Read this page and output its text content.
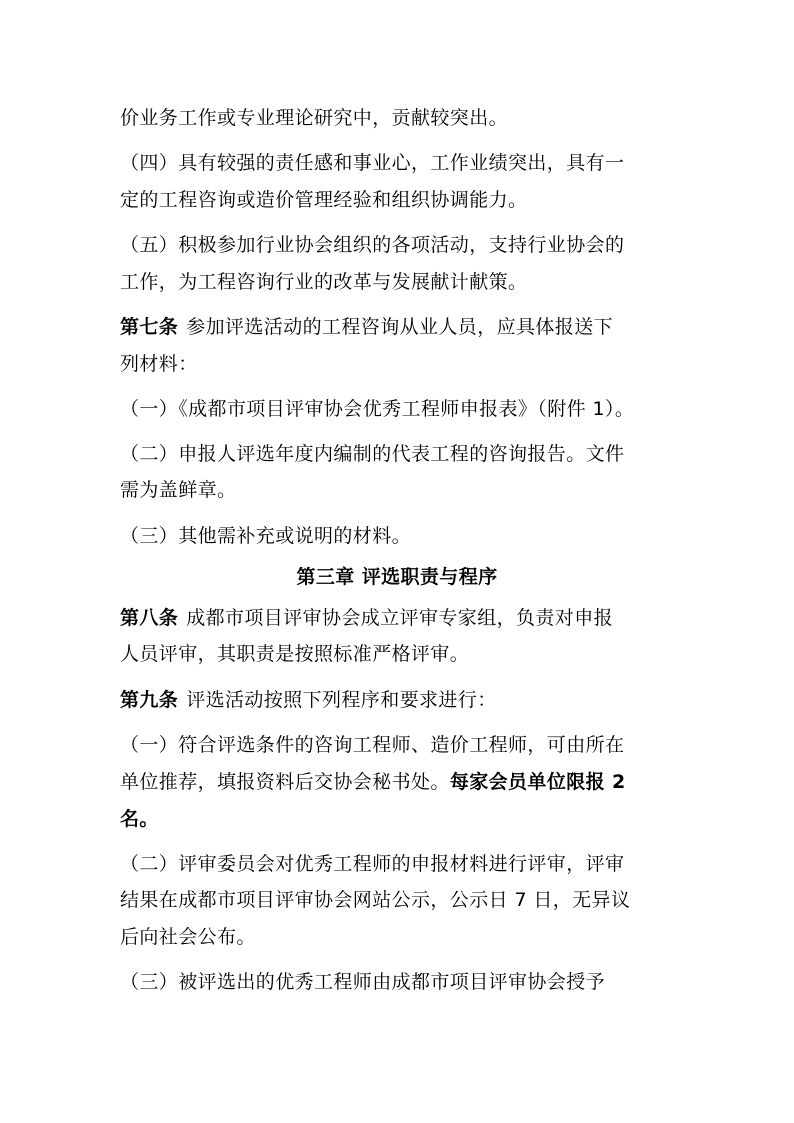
价业务工作或专业理论研究中，贡献较突出。
（四）具有较强的责任感和事业心，工作业绩突出，具有一
定的工程咨询或造价管理经验和组织协调能力。
（五）积极参加行业协会组织的各项活动，支持行业协会的
工作，为工程咨询行业的改革与发展献计献策。
第七条 参加评选活动的工程咨询从业人员，应具体报送下
列材料：
（一）《成都市项目评审协会优秀工程师申报表》（附件 1）。
（二）申报人评选年度内编制的代表工程的咨询报告。文件
需为盖鲜章。
（三）其他需补充或说明的材料。
第三章 评选职责与程序
第八条 成都市项目评审协会成立评审专家组，负责对申报
人员评审，其职责是按照标准严格评审。
第九条 评选活动按照下列程序和要求进行：
（一）符合评选条件的咨询工程师、造价工程师，可由所在
单位推荐，填报资料后交协会秘书处。每家会员单位限报 2
名。
（二）评审委员会对优秀工程师的申报材料进行评审，评审
结果在成都市项目评审协会网站公示，公示日 7 日，无异议
后向社会公布。
（三）被评选出的优秀工程师由成都市项目评审协会授予
